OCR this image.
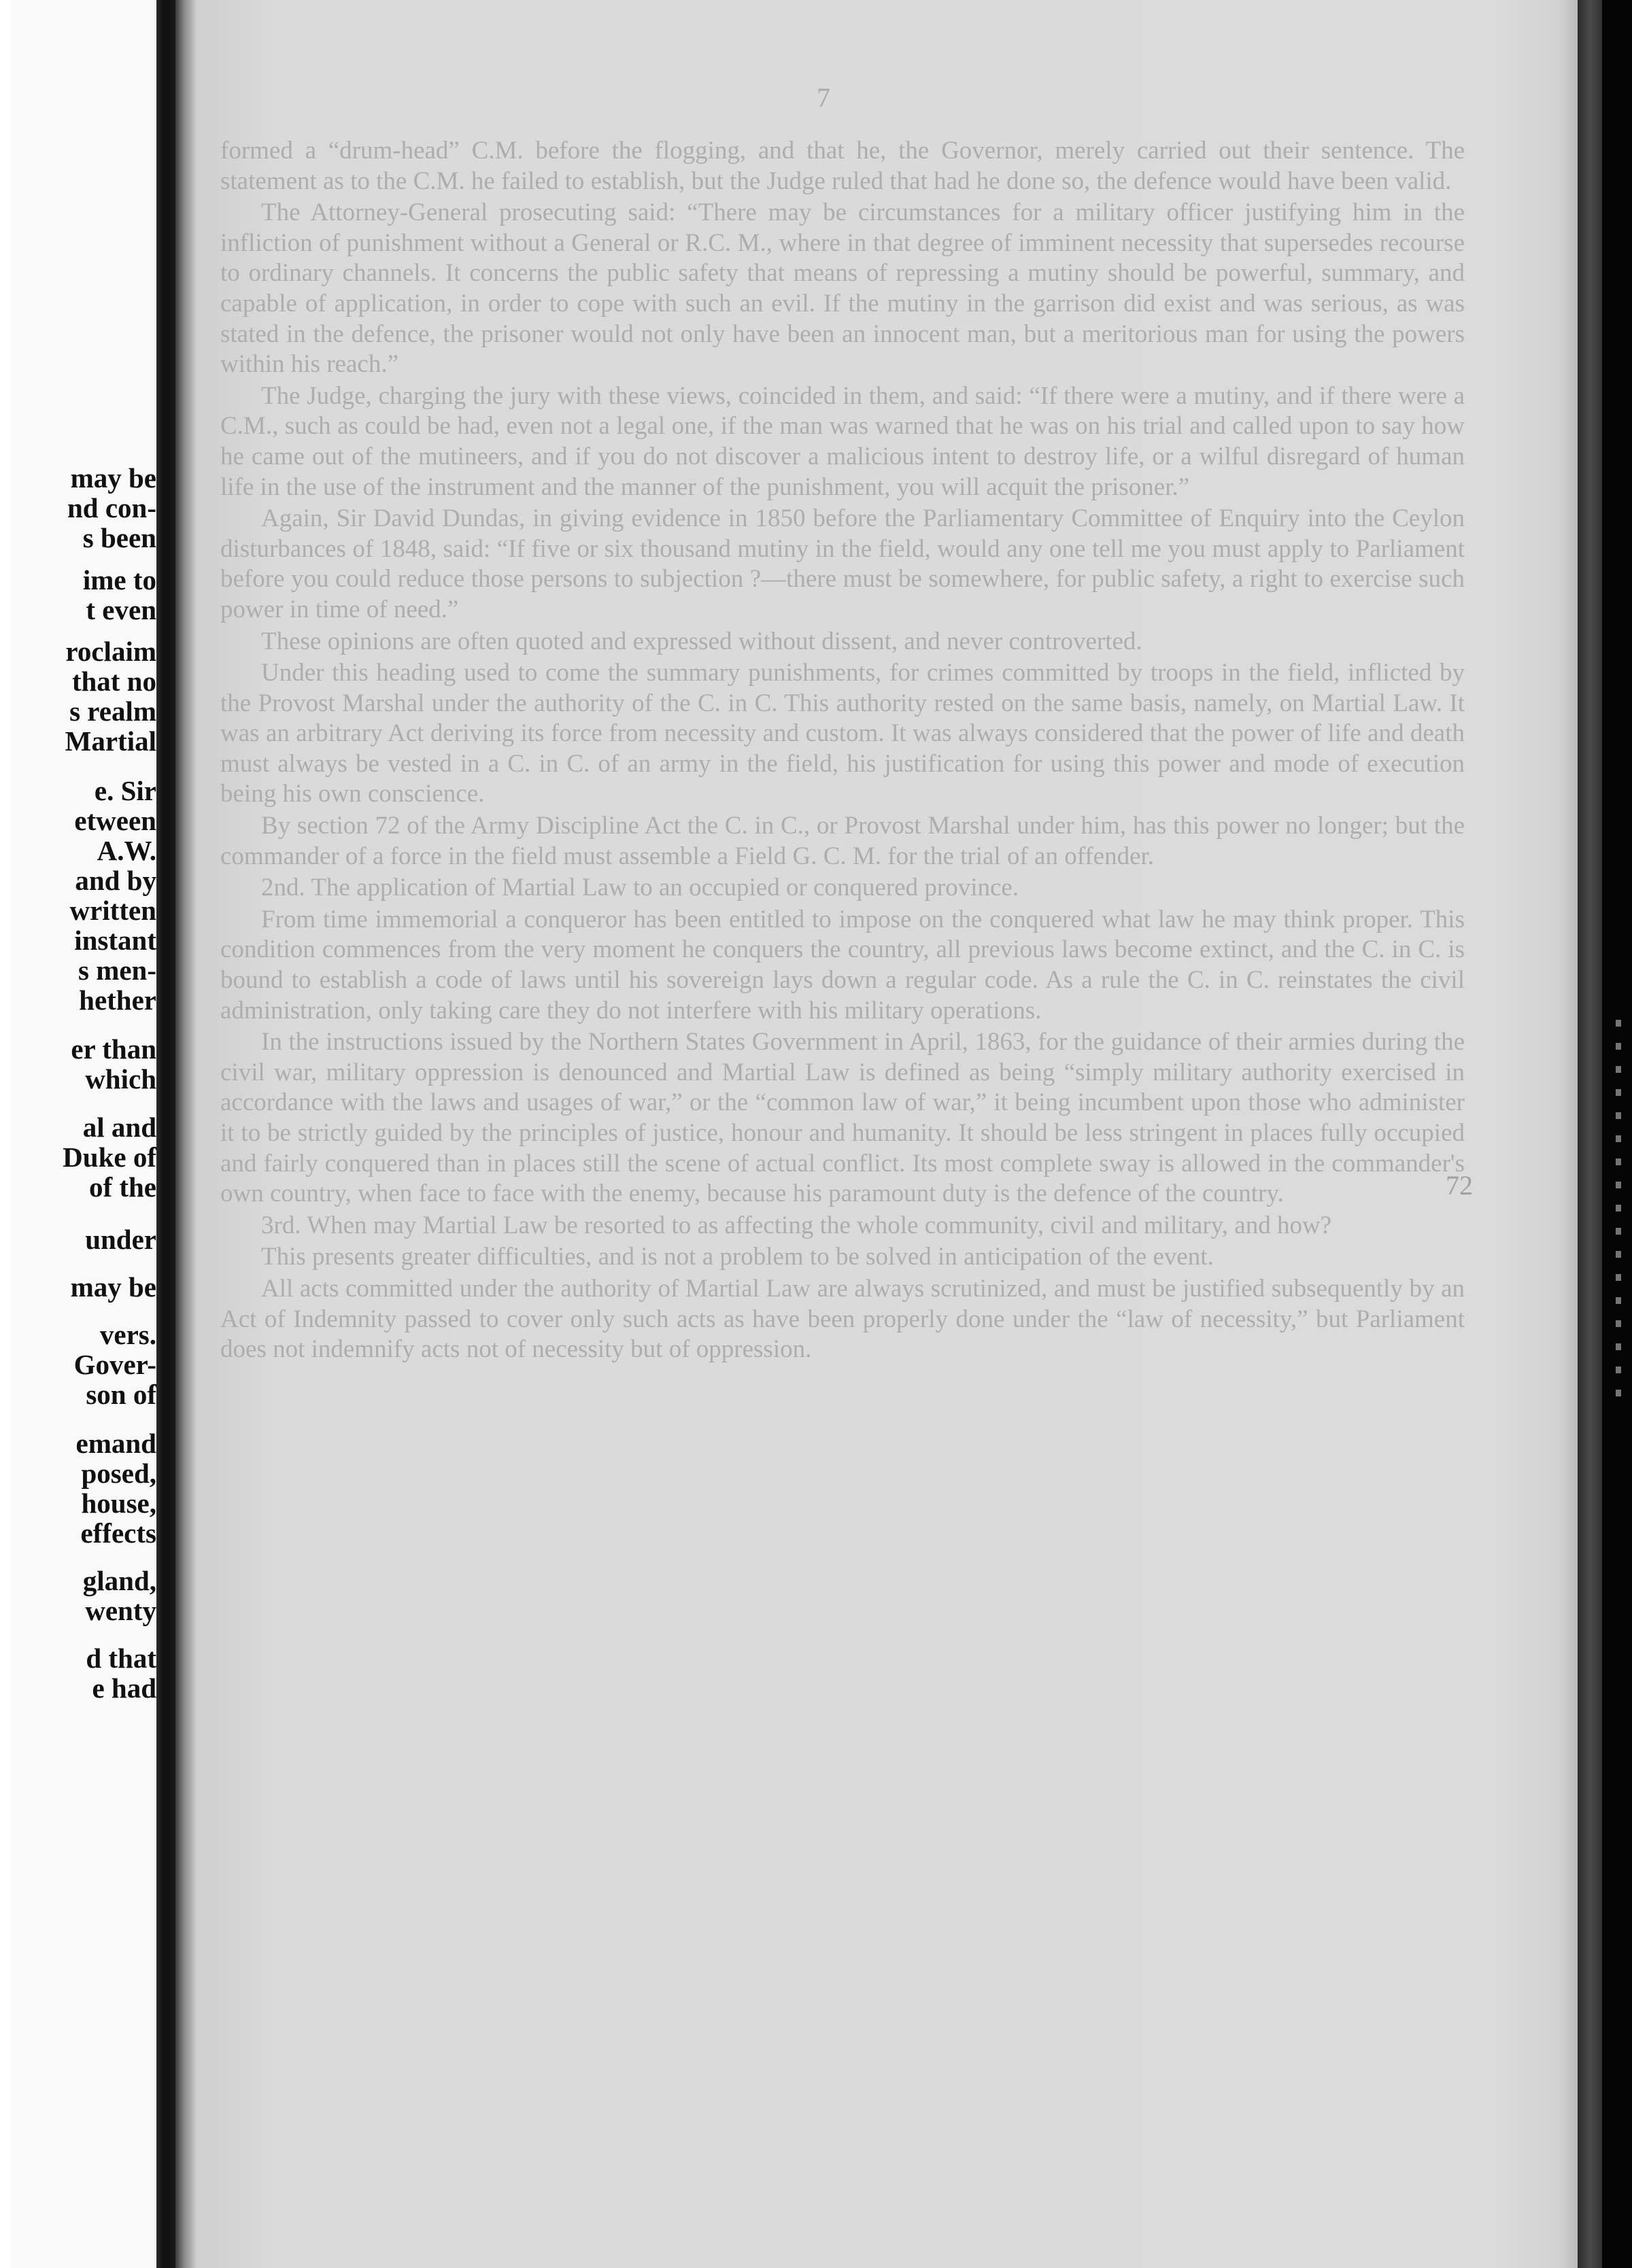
may be
nd con-
s been
ime to
t even
roclaim
that no
s realm
Martial
e. Sir
etween
A.W.
and by
written
instant
s men-
hether
er than
which
al and
Duke of
of the
under
may be
vers.
Gover-
son of
emand
posed,
house,
effects
gland,
wenty
d that
e had
7

formed a “drum-head” C.M. before the flogging, and that he, the Governor, merely carried out their sentence. The statement as to the C.M. he failed to establish, but the Judge ruled that had he done so, the defence would have been valid.

The Attorney-General prosecuting said: “There may be circumstances for a military officer justifying him in the infliction of punishment without a General or R.C. M., where in that degree of imminent necessity that supersedes recourse to ordinary channels. It concerns the public safety that means of repressing a mutiny should be powerful, summary, and capable of application, in order to cope with such an evil. If the mutiny in the garrison did exist and was serious, as was stated in the defence, the prisoner would not only have been an innocent man, but a meritorious man for using the powers within his reach.”

The Judge, charging the jury with these views, coincided in them, and said: “If there were a mutiny, and if there were a C.M., such as could be had, even not a legal one, if the man was warned that he was on his trial and called upon to say how he came out of the mutineers, and if you do not discover a malicious intent to destroy life, or a wilful disregard of human life in the use of the instrument and the manner of the punishment, you will acquit the prisoner.”

Again, Sir David Dundas, in giving evidence in 1850 before the Parliamentary Committee of Enquiry into the Ceylon disturbances of 1848, said: “If five or six thousand mutiny in the field, would any one tell me you must apply to Parliament before you could reduce those persons to subjection ?—there must be somewhere, for public safety, a right to exercise such power in time of need.”

These opinions are often quoted and expressed without dissent, and never controverted.

Under this heading used to come the summary punishments, for crimes committed by troops in the field, inflicted by the Provost Marshal under the authority of the C. in C. This authority rested on the same basis, namely, on Martial Law. It was an arbitrary Act deriving its force from necessity and custom. It was always considered that the power of life and death must always be vested in a C. in C. of an army in the field, his justification for using this power and mode of execution being his own conscience.

By section 72 of the Army Discipline Act the C. in C., or Provost Marshal under him, has this power no longer; but the commander of a force in the field must assemble a Field G. C. M. for the trial of an offender.

2nd. The application of Martial Law to an occupied or conquered province.

From time immemorial a conqueror has been entitled to impose on the conquered what law he may think proper. This condition commences from the very moment he conquers the country, all previous laws become extinct, and the C. in C. is bound to establish a code of laws until his sovereign lays down a regular code. As a rule the C. in C. reinstates the civil administration, only taking care they do not interfere with his military operations.

In the instructions issued by the Northern States Government in April, 1863, for the guidance of their armies during the civil war, military oppression is denounced and Martial Law is defined as being “simply military authority exercised in accordance with the laws and usages of war,” or the “common law of war,” it being incumbent upon those who administer it to be strictly guided by the principles of justice, honour and humanity. It should be less stringent in places fully occupied and fairly conquered than in places still the scene of actual conflict. Its most complete sway is allowed in the commander's own country, when face to face with the enemy, because his paramount duty is the defence of the country.

3rd. When may Martial Law be resorted to as affecting the whole community, civil and military, and how?

This presents greater difficulties, and is not a problem to be solved in anticipation of the event.

All acts committed under the authority of Martial Law are always scrutinized, and must be justified subsequently by an Act of Indemnity passed to cover only such acts as have been properly done under the “law of necessity,” but Parliament does not indemnify acts not of necessity but of oppression.

72
